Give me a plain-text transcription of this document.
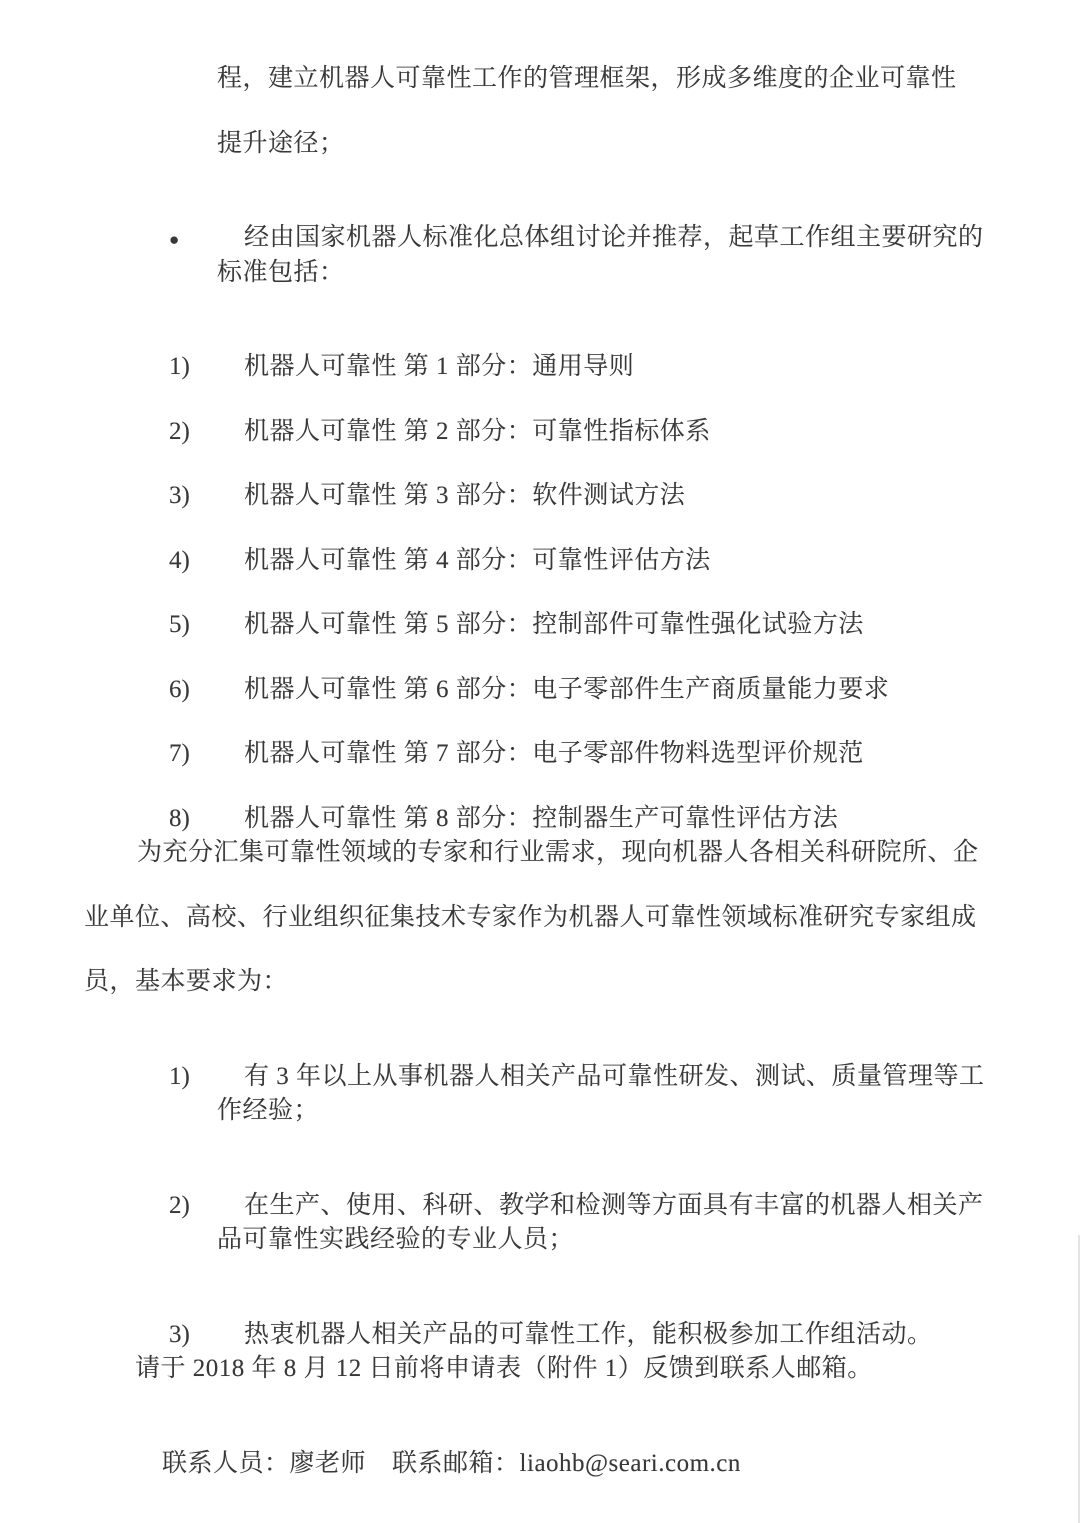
程，建立机器人可靠性工作的管理框架，形成多维度的企业可靠性
提升途径；

●	经由国家机器人标准化总体组讨论并推荐，起草工作组主要研究的

标准包括：

1) 机器人可靠性 第 1 部分：通用导则

2) 机器人可靠性 第 2 部分：可靠性指标体系

3) 机器人可靠性 第 3 部分：软件测试方法

4) 机器人可靠性 第 4 部分：可靠性评估方法

5) 机器人可靠性 第 5 部分：控制部件可靠性强化试验方法

6) 机器人可靠性 第 6 部分：电子零部件生产商质量能力要求

7) 机器人可靠性 第 7 部分：电子零部件物料选型评价规范

8) 机器人可靠性 第 8 部分：控制器生产可靠性评估方法

为充分汇集可靠性领域的专家和行业需求，现向机器人各相关科研院所、企
业单位、高校、行业组织征集技术专家作为机器人可靠性领域标准研究专家组成
员，基本要求为：

1) 有 3 年以上从事机器人相关产品可靠性研发、测试、质量管理等工

作经验；

2) 在生产、使用、科研、教学和检测等方面具有丰富的机器人相关产

品可靠性实践经验的专业人员；

3) 热衷机器人相关产品的可靠性工作，能积极参加工作组活动。

请于 2018 年 8 月 12 日前将申请表（附件 1）反馈到联系人邮箱。

联系人员：廖老师 联系邮箱：liaohb@seari.com.cn
